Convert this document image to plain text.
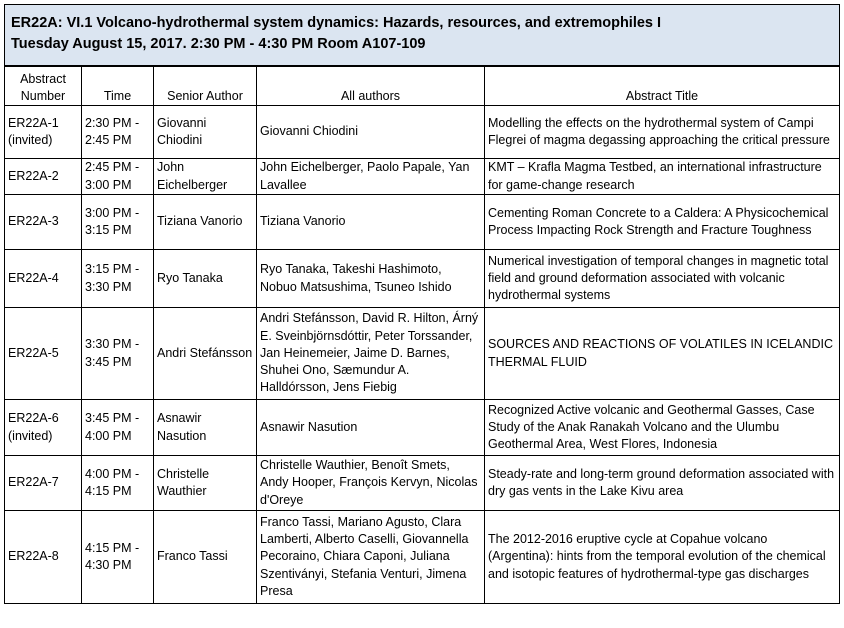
ER22A: VI.1 Volcano-hydrothermal system dynamics: Hazards, resources, and extremophiles I
Tuesday August 15, 2017. 2:30 PM - 4:30 PM Room A107-109
Abstract
Number	Time	Senior Author	All authors	Abstract Title
ER22A-1
(invited)	2:30 PM -
2:45 PM	Giovanni
Chiodini	Giovanni Chiodini	Modelling the effects on the hydrothermal system of Campi Flegrei of magma degassing approaching the critical pressure
ER22A-2	2:45 PM -
3:00 PM	John
Eichelberger	John Eichelberger, Paolo Papale, Yan Lavallee	KMT – Krafla Magma Testbed, an international infrastructure for game-change research
ER22A-3	3:00 PM -
3:15 PM	Tiziana Vanorio	Tiziana Vanorio	Cementing Roman Concrete to a Caldera: A Physicochemical Process Impacting Rock Strength and Fracture Toughness
ER22A-4	3:15 PM -
3:30 PM	Ryo Tanaka	Ryo Tanaka, Takeshi Hashimoto,
Nobuo Matsushima, Tsuneo Ishido	Numerical investigation of temporal changes in magnetic total field and ground deformation associated with volcanic hydrothermal systems
ER22A-5	3:30 PM -
3:45 PM	Andri Stefánsson	Andri Stefánsson, David R. Hilton, Árný E. Sveinbjörnsdóttir, Peter Torssander, Jan Heinemeier, Jaime D. Barnes, Shuhei Ono, Sæmundur A. Halldórsson, Jens Fiebig	SOURCES AND REACTIONS OF VOLATILES IN ICELANDIC THERMAL FLUID
ER22A-6
(invited)	3:45 PM -
4:00 PM	Asnawir
Nasution	Asnawir Nasution	Recognized Active volcanic and Geothermal Gasses, Case Study of the Anak Ranakah Volcano and the Ulumbu Geothermal Area, West Flores, Indonesia
ER22A-7	4:00 PM -
4:15 PM	Christelle
Wauthier	Christelle Wauthier, Benoît Smets, Andy Hooper, François Kervyn, Nicolas d'Oreye	Steady-rate and long-term ground deformation associated with dry gas vents in the Lake Kivu area
ER22A-8	4:15 PM -
4:30 PM	Franco Tassi	Franco Tassi, Mariano Agusto, Clara Lamberti, Alberto Caselli, Giovannella Pecoraino, Chiara Caponi, Juliana Szentiványi, Stefania Venturi, Jimena Presa	The 2012-2016 eruptive cycle at Copahue volcano (Argentina): hints from the temporal evolution of the chemical and isotopic features of hydrothermal-type gas discharges
